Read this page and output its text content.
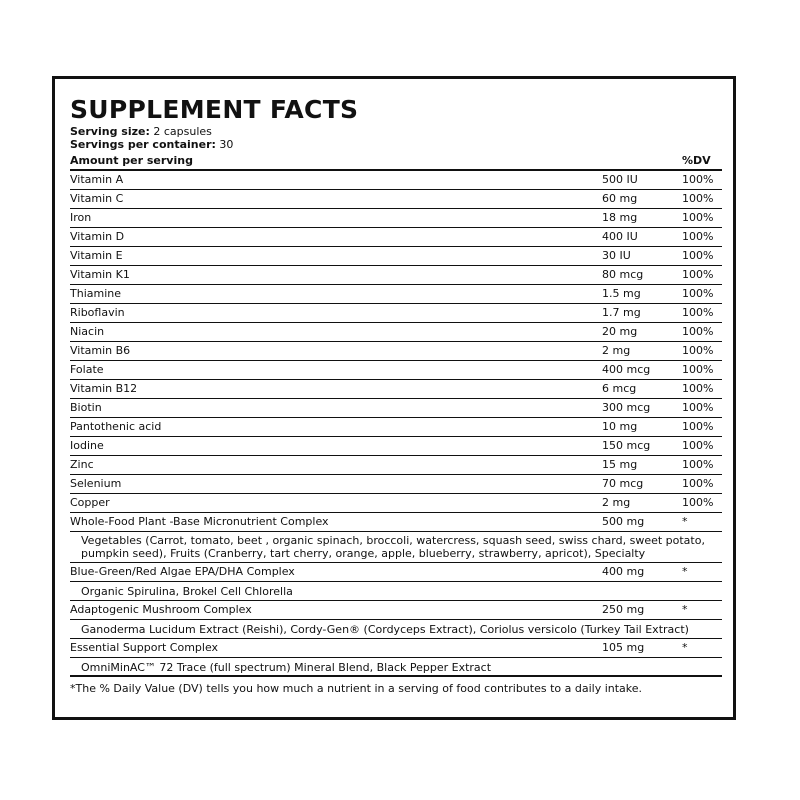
SUPPLEMENT FACTS
Serving size: 2 capsules
Servings per container: 30
Amount per serving	%DV
Vitamin A	500 IU	100%
Vitamin C	60 mg	100%
Iron	18 mg	100%
Vitamin D	400 IU	100%
Vitamin E	30 IU	100%
Vitamin K1	80 mcg	100%
Thiamine	1.5 mg	100%
Riboflavin	1.7 mg	100%
Niacin	20 mg	100%
Vitamin B6	2 mg	100%
Folate	400 mcg	100%
Vitamin B12	6 mcg	100%
Biotin	300 mcg	100%
Pantothenic acid	10 mg	100%
Iodine	150 mcg	100%
Zinc	15 mg	100%
Selenium	70 mcg	100%
Copper	2 mg	100%
Whole-Food Plant -Base Micronutrient Complex	500 mg	*
Vegetables (Carrot, tomato, beet , organic spinach, broccoli, watercress, squash seed, swiss chard, sweet potato, pumpkin seed), Fruits (Cranberry, tart cherry, orange, apple, blueberry, strawberry, apricot), Specialty
Blue-Green/Red Algae EPA/DHA Complex	400 mg	*
Organic Spirulina, Brokel Cell Chlorella
Adaptogenic Mushroom Complex	250 mg	*
Ganoderma Lucidum Extract (Reishi), Cordy-Gen® (Cordyceps Extract), Coriolus versicolo (Turkey Tail Extract)
Essential Support Complex	105 mg	*
OmniMinAC™ 72 Trace (full spectrum) Mineral Blend, Black Pepper Extract
*The % Daily Value (DV) tells you how much a nutrient in a serving of food contributes to a daily intake.
